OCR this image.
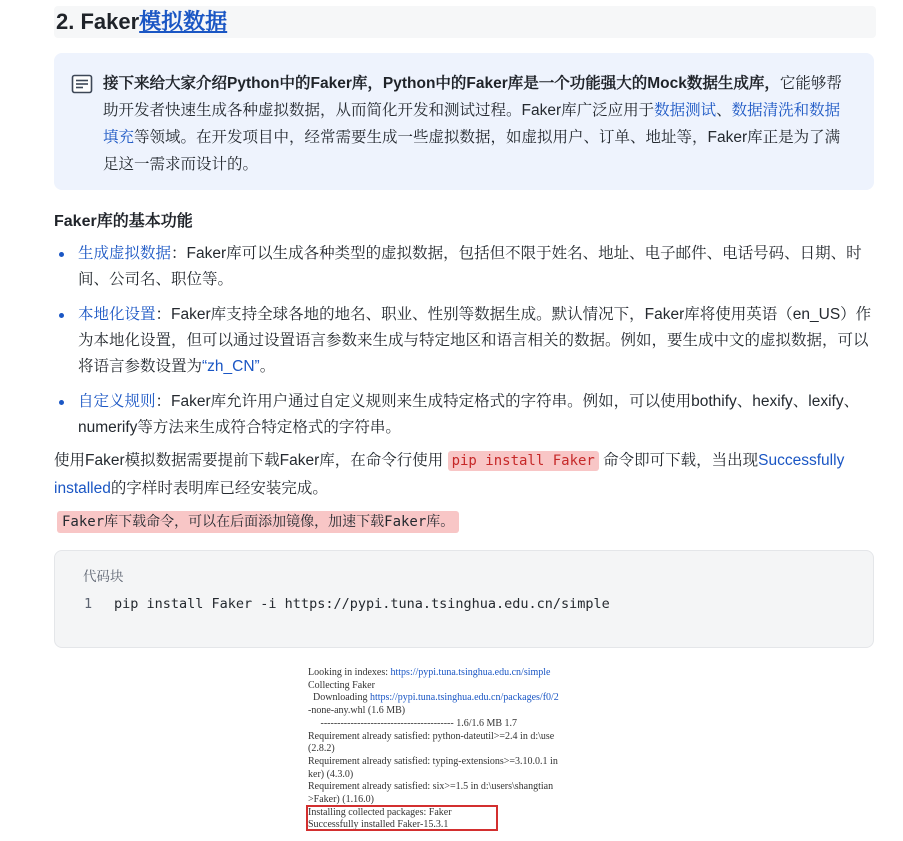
2. Faker模拟数据
接下来给大家介绍Python中的Faker库，Python中的Faker库是一个功能强大的Mock数据生成库，它能够帮助开发者快速生成各种虚拟数据，从而简化开发和测试过程。Faker库广泛应用于数据测试、数据清洗和数据填充等领域。在开发项目中，经常需要生成一些虚拟数据，如虚拟用户、订单、地址等，Faker库正是为了满足这一需求而设计的。
Faker库的基本功能
生成虚拟数据：Faker库可以生成各种类型的虚拟数据，包括但不限于姓名、地址、电子邮件、电话号码、日期、时间、公司名、职位等。
本地化设置：Faker库支持全球各地的地名、职业、性别等数据生成。默认情况下，Faker库将使用英语（en_US）作为本地化设置，但可以通过设置语言参数来生成与特定地区和语言相关的数据。例如，要生成中文的虚拟数据，可以将语言参数设置为“zh_CN”。
自定义规则：Faker库允许用户通过自定义规则来生成特定格式的字符串。例如，可以使用bothify、hexify、lexify、numerify等方法来生成符合特定格式的字符串。
使用Faker模拟数据需要提前下载Faker库，在命令行使用 pip install Faker 命令即可下载，当出现Successfully installed的字样时表明库已经安装完成。
Faker库下载命令，可以在后面添加镜像，加速下载Faker库。
代码块
1 pip install Faker -i https://pypi.tuna.tsinghua.edu.cn/simple
Looking in indexes: https://pypi.tuna.tsinghua.edu.cn/simple
Collecting Faker
Downloading https://pypi.tuna.tsinghua.edu.cn/packages/f0/2
-none-any.whl (1.6 MB)
---------------------------------------- 1.6/1.6 MB 1.7
Requirement already satisfied: python-dateutil>=2.4 in d:\use
(2.8.2)
Requirement already satisfied: typing-extensions>=3.10.0.1 in
ker) (4.3.0)
Requirement already satisfied: six>=1.5 in d:\users\shangtian
>Faker) (1.16.0)
Installing collected packages: Faker
Successfully installed Faker-15.3.1
